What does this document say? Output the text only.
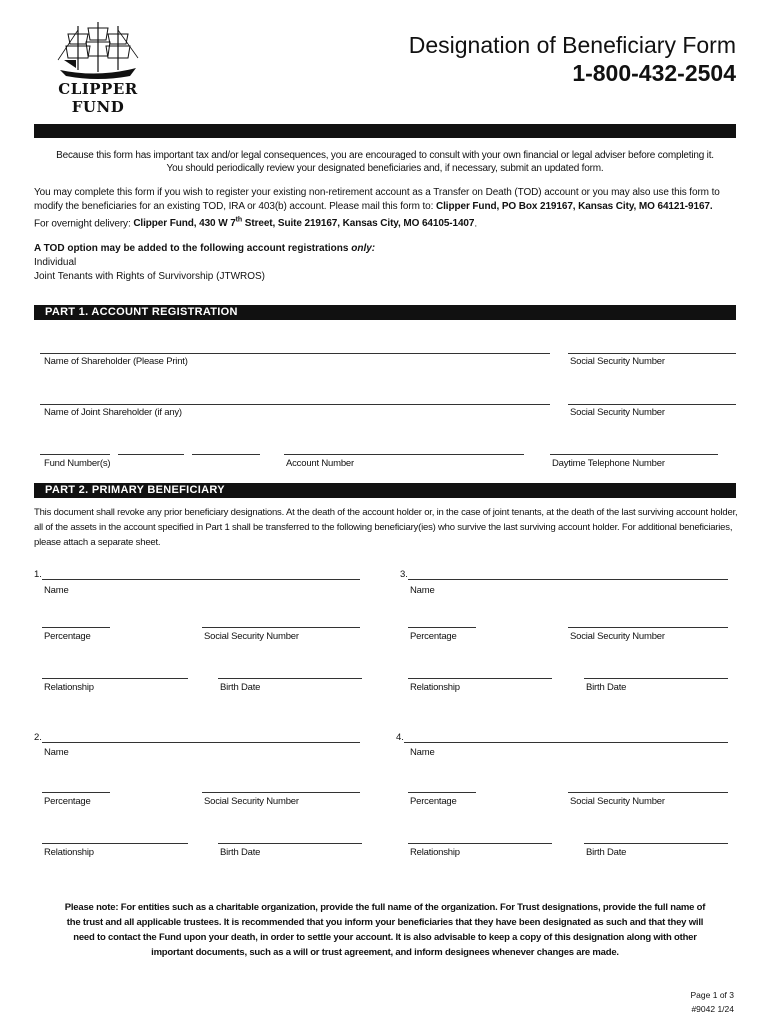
CLIPPER
FUND
Designation of Beneficiary Form
1-800-432-2504
Because this form has important tax and/or legal consequences, you are encouraged to consult with your own financial or legal adviser before completing it.
You should periodically review your designated beneficiaries and, if necessary, submit an updated form.
You may complete this form if you wish to register your existing non-retirement account as a Transfer on Death (TOD) account or you may also use this form to modify the beneficiaries for an existing TOD, IRA or 403(b) account. Please mail this form to: Clipper Fund, PO Box 219167, Kansas City, MO 64121-9167.
For overnight delivery: Clipper Fund, 430 W 7th Street, Suite 219167, Kansas City, MO 64105-1407.
A TOD option may be added to the following account registrations only:
Individual
Joint Tenants with Rights of Survivorship (JTWROS)
PART 1. ACCOUNT REGISTRATION
Name of Shareholder (Please Print)	Social Security Number
Name of Joint Shareholder (if any)	Social Security Number
Fund Number(s)	Account Number	Daytime Telephone Number
PART 2. PRIMARY BENEFICIARY
This document shall revoke any prior beneficiary designations. At the death of the account holder or, in the case of joint tenants, at the death of the last surviving account holder, all of the assets in the account specified in Part 1 shall be transferred to the following beneficiary(ies) who survive the last surviving account holder. For additional beneficiaries, please attach a separate sheet.
1.
Name
Percentage	Social Security Number
Relationship	Birth Date
3.
Name
Percentage	Social Security Number
Relationship	Birth Date
2.
Name
Percentage	Social Security Number
Relationship	Birth Date
4.
Name
Percentage	Social Security Number
Relationship	Birth Date
Please note: For entities such as a charitable organization, provide the full name of the organization. For Trust designations, provide the full name of the trust and all applicable trustees. It is recommended that you inform your beneficiaries that they have been designated as such and that they will need to contact the Fund upon your death, in order to settle your account. It is also advisable to keep a copy of this designation along with other important documents, such as a will or trust agreement, and inform designees whenever changes are made.
Page 1 of 3
#9042 1/24
